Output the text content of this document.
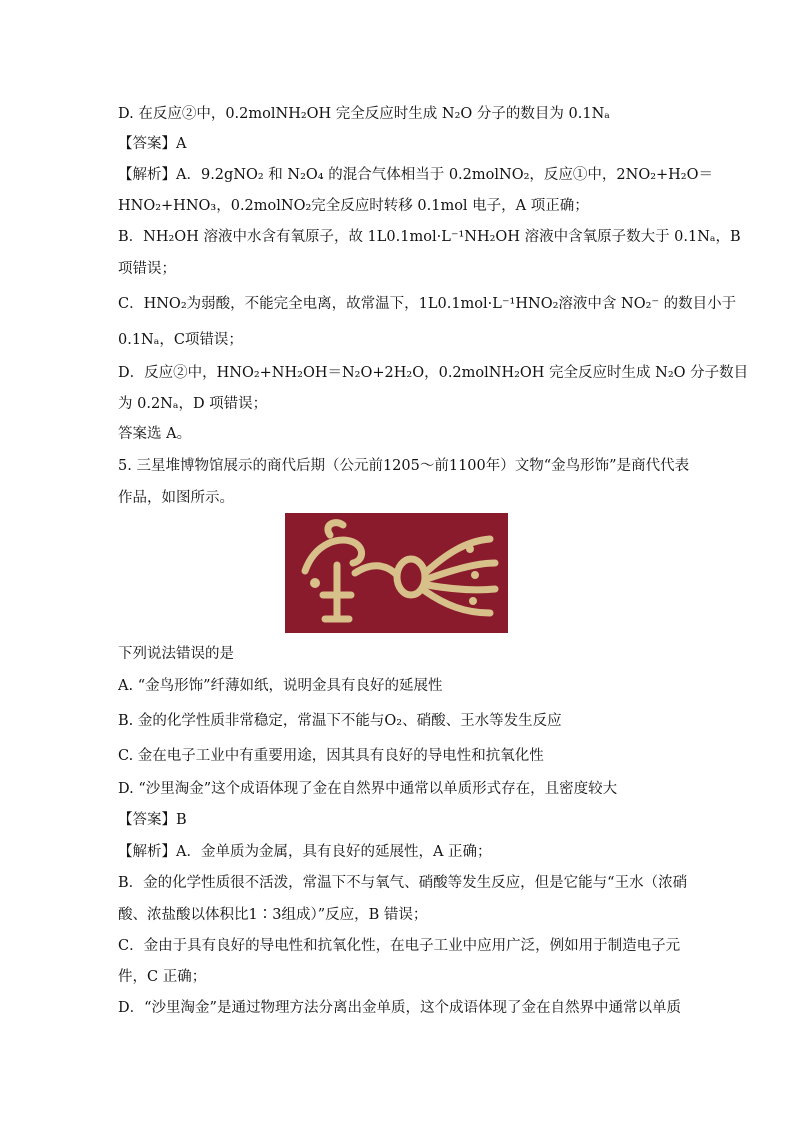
D. 在反应②中，0.2molNH₂OH 完全反应时生成 N₂O 分子的数目为 0.1Nₐ
【答案】A
【解析】A．9.2gNO₂ 和 N₂O₄ 的混合气体相当于 0.2molNO₂，反应①中，2NO₂+H₂O＝
HNO₂+HNO₃，0.2molNO₂完全反应时转移 0.1mol 电子，A 项正确；
B．NH₂OH 溶液中水含有氧原子，故 1L0.1mol·L⁻¹NH₂OH 溶液中含氧原子数大于 0.1Nₐ，B
项错误；
C．HNO₂为弱酸，不能完全电离，故常温下，1L0.1mol·L⁻¹HNO₂溶液中含 NO₂⁻ 的数目小于
0.1Nₐ，C项错误；
D．反应②中，HNO₂+NH₂OH＝N₂O+2H₂O，0.2molNH₂OH 完全反应时生成 N₂O 分子数目
为 0.2Nₐ，D 项错误；
答案选 A。
5. 三星堆博物馆展示的商代后期（公元前1205～前1100年）文物“金鸟形饰”是商代代表
作品，如图所示。
下列说法错误的是
A. “金鸟形饰”纤薄如纸，说明金具有良好的延展性
B. 金的化学性质非常稳定，常温下不能与O₂、硝酸、王水等发生反应
C. 金在电子工业中有重要用途，因其具有良好的导电性和抗氧化性
D. “沙里淘金”这个成语体现了金在自然界中通常以单质形式存在，且密度较大
【答案】B
【解析】A．金单质为金属，具有良好的延展性，A 正确；
B．金的化学性质很不活泼，常温下不与氧气、硝酸等发生反应，但是它能与“王水（浓硝
酸、浓盐酸以体积比1∶3组成）”反应，B 错误；
C．金由于具有良好的导电性和抗氧化性，在电子工业中应用广泛，例如用于制造电子元
件，C 正确；
D．“沙里淘金”是通过物理方法分离出金单质，这个成语体现了金在自然界中通常以单质
